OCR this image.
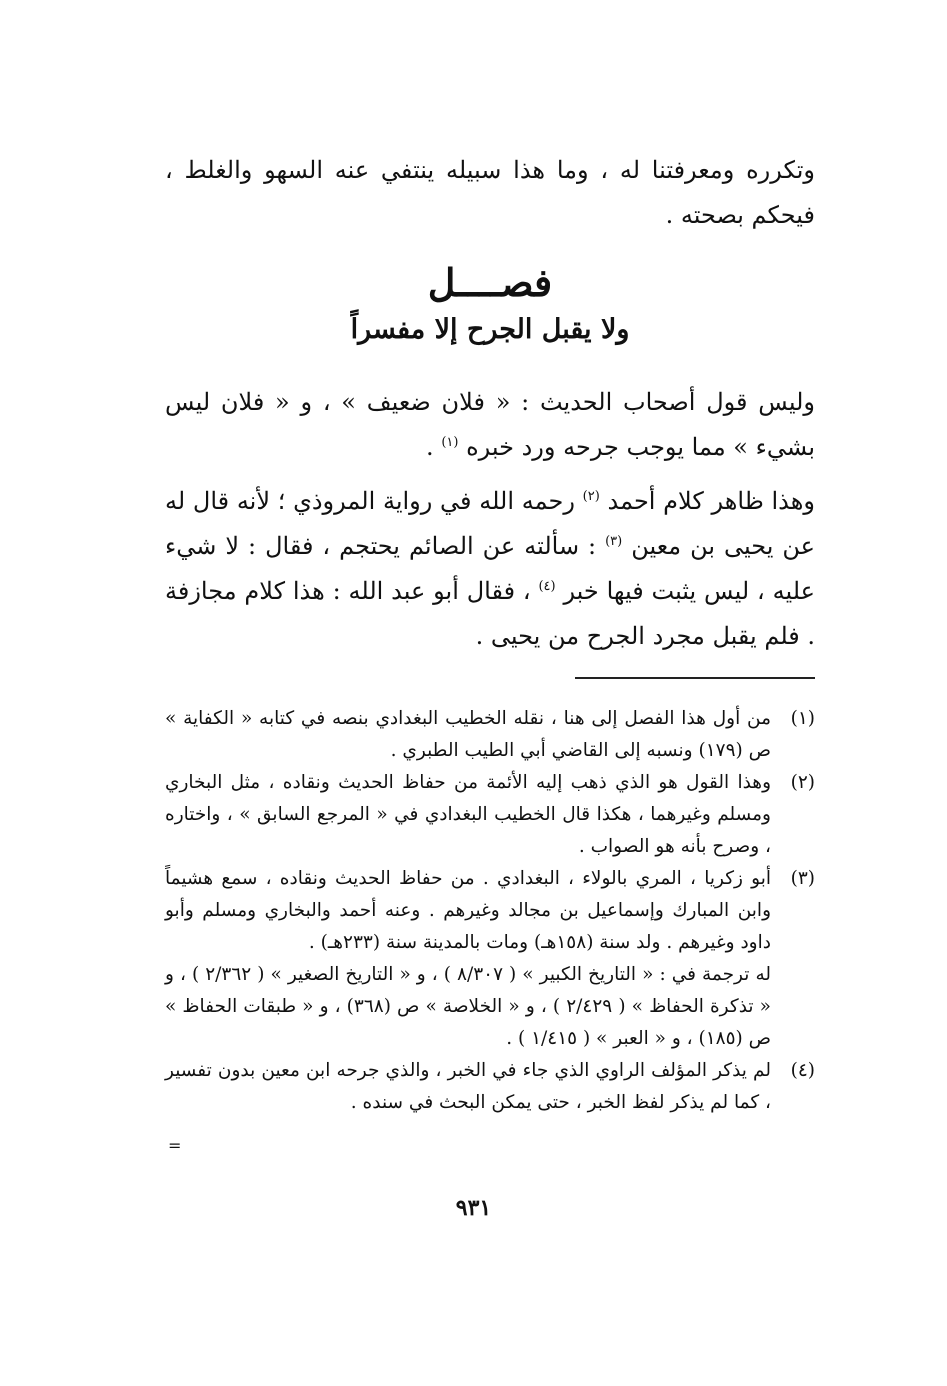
وتكرره ومعرفتنا له ، وما هذا سبيله ينتفي عنه السهو والغلط ، فيحكم بصحته .

فصــــل
ولا يقبل الجرح إلا مفسراً

وليس قول أصحاب الحديث : « فلان ضعيف » ، و « فلان ليس بشيء » مما يوجب جرحه ورد خبره $^{(١)}$ .

وهذا ظاهر كلام أحمد $^{(٢)}$ رحمه الله في رواية المروذي ؛ لأنه قال له عن يحيى بن معين $^{(٣)}$ : سألته عن الصائم يحتجم ، فقال : لا شيء عليه ، ليس يثبت فيها خبر $^{(٤)}$ ، فقال أبو عبد الله : هذا كلام مجازفة . فلم يقبل مجرد الجرح من يحيى .

(١)
من أول هذا الفصل إلى هنا ، نقله الخطيب البغدادي بنصه في كتابه « الكفاية » ص (١٧٩) ونسبه إلى القاضي أبي الطيب الطبري .
(٢)
وهذا القول هو الذي ذهب إليه الأئمة من حفاظ الحديث ونقاده ، مثل البخاري ومسلم وغيرهما ، هكذا قال الخطيب البغدادي في « المرجع السابق » ، واختاره ، وصرح بأنه هو الصواب .
(٣)
أبو زكريا ، المري بالولاء ، البغدادي . من حفاظ الحديث ونقاده ، سمع هشيماً وابن المبارك وإسماعيل بن مجالد وغيرهم . وعنه أحمد والبخاري ومسلم وأبو داود وغيرهم . ولد سنة (١٥٨هـ) ومات بالمدينة سنة (٢٣٣هـ) .
له ترجمة في : « التاريخ الكبير » ( ٨/٣٠٧ ) ، و « التاريخ الصغير » ( ٢/٣٦٢ ) ، و « تذكرة الحفاظ » ( ٢/٤٢٩ ) ، و « الخلاصة » ص (٣٦٨) ، و « طبقات الحفاظ » ص (١٨٥) ، و « العبر » ( ١/٤١٥ ) .
(٤)
لم يذكر المؤلف الراوي الذي جاء في الخبر ، والذي جرحه ابن معين بدون تفسير ، كما لم يذكر لفظ الخبر ، حتى يمكن البحث في سنده .
=
٩٣١
